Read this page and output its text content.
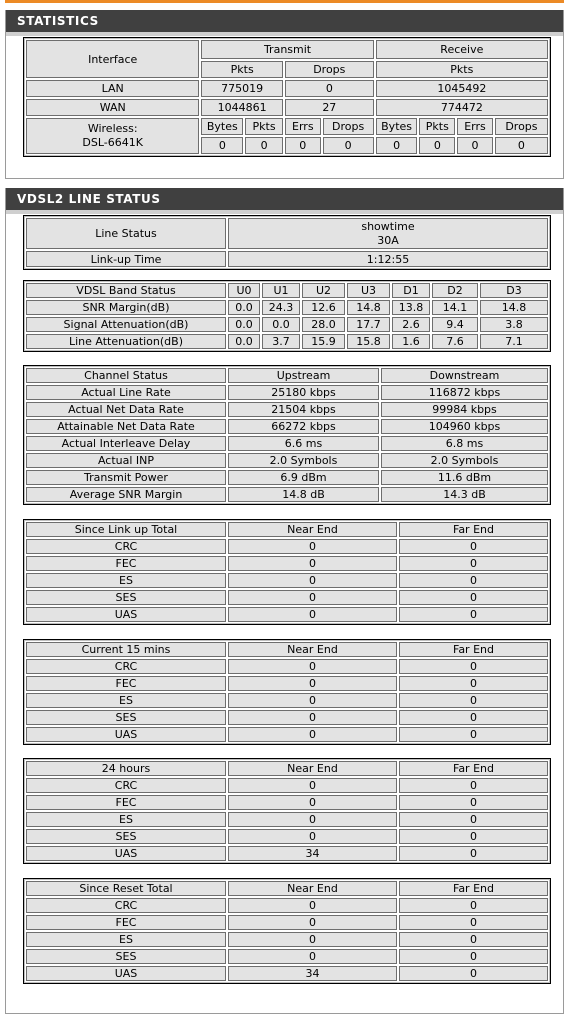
STATISTICS
Interface	Transmit				Receive			
	Pkts		Drops		Pkts			
LAN	775019		0		1045492			
WAN	1044861		27		774472			

Wireless:
DSL-6641K	Bytes	Pkts	Errs	Drops	Bytes	Pkts	Errs	Drops
	0	0	0	0	0	0	0	0
VDSL2 LINE STATUS
Line Status	showtime
30A

Link-up Time	1:12:55
VDSL Band Status	U0	U1	U2	U3	D1	D2	D3
SNR Margin(dB)	0.0	24.3	12.6	14.8	13.8	14.1	14.8
Signal Attenuation(dB)	0.0	0.0	28.0	17.7	2.6	9.4	3.8
Line Attenuation(dB)	0.0	3.7	15.9	15.8	1.6	7.6	7.1
Channel Status	Upstream	Downstream
Actual Line Rate	25180 kbps	116872 kbps
Actual Net Data Rate	21504 kbps	99984 kbps
Attainable Net Data Rate	66272 kbps	104960 kbps
Actual Interleave Delay	6.6 ms	6.8 ms
Actual INP	2.0 Symbols	2.0 Symbols
Transmit Power	6.9 dBm	11.6 dBm
Average SNR Margin	14.8 dB	14.3 dB
Since Link up Total	Near End	Far End
CRC	0	0
FEC	0	0
ES	0	0
SES	0	0
UAS	0	0
Current 15 mins	Near End	Far End
CRC	0	0
FEC	0	0
ES	0	0
SES	0	0
UAS	0	0
24 hours	Near End	Far End
CRC	0	0
FEC	0	0
ES	0	0
SES	0	0
UAS	34	0
Since Reset Total	Near End	Far End
CRC	0	0
FEC	0	0
ES	0	0
SES	0	0
UAS	34	0
